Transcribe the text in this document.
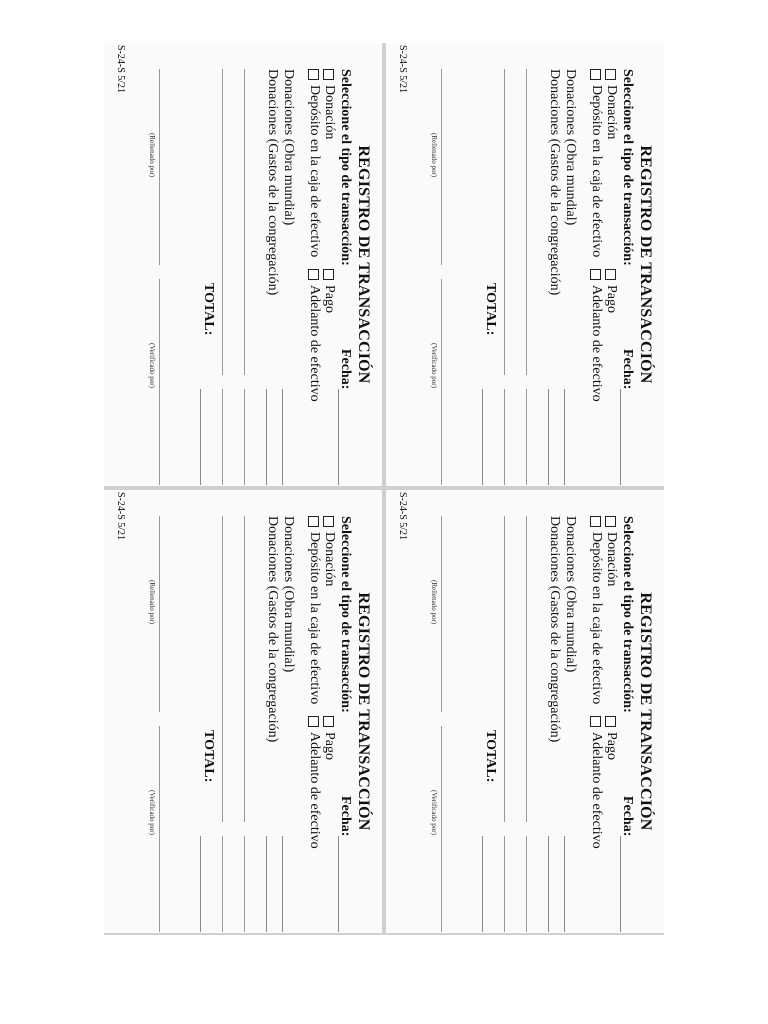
REGISTRO DE TRANSACCIÓN

Seleccione el tipo de transacción:

Fecha:

Donación

Depósito en la caja de efectivo

Pago

Adelanto de efectivo

Donaciones (Obra mundial)

Donaciones (Gastos de la congregación)

TOTAL:

(Rellenado por)

(Verificado por)

S-24-S 5/21

REGISTRO DE TRANSACCIÓN

Seleccione el tipo de transacción:

Fecha:

Donación

Depósito en la caja de efectivo

Pago

Adelanto de efectivo

Donaciones (Obra mundial)

Donaciones (Gastos de la congregación)

TOTAL:

(Rellenado por)

(Verificado por)

S-24-S 5/21

REGISTRO DE TRANSACCIÓN

Seleccione el tipo de transacción:

Fecha:

Donación

Depósito en la caja de efectivo

Pago

Adelanto de efectivo

Donaciones (Obra mundial)

Donaciones (Gastos de la congregación)

TOTAL:

(Rellenado por)

(Verificado por)

S-24-S 5/21

REGISTRO DE TRANSACCIÓN

Seleccione el tipo de transacción:

Fecha:

Donación

Depósito en la caja de efectivo

Pago

Adelanto de efectivo

Donaciones (Obra mundial)

Donaciones (Gastos de la congregación)

TOTAL:

(Rellenado por)

(Verificado por)

S-24-S 5/21
